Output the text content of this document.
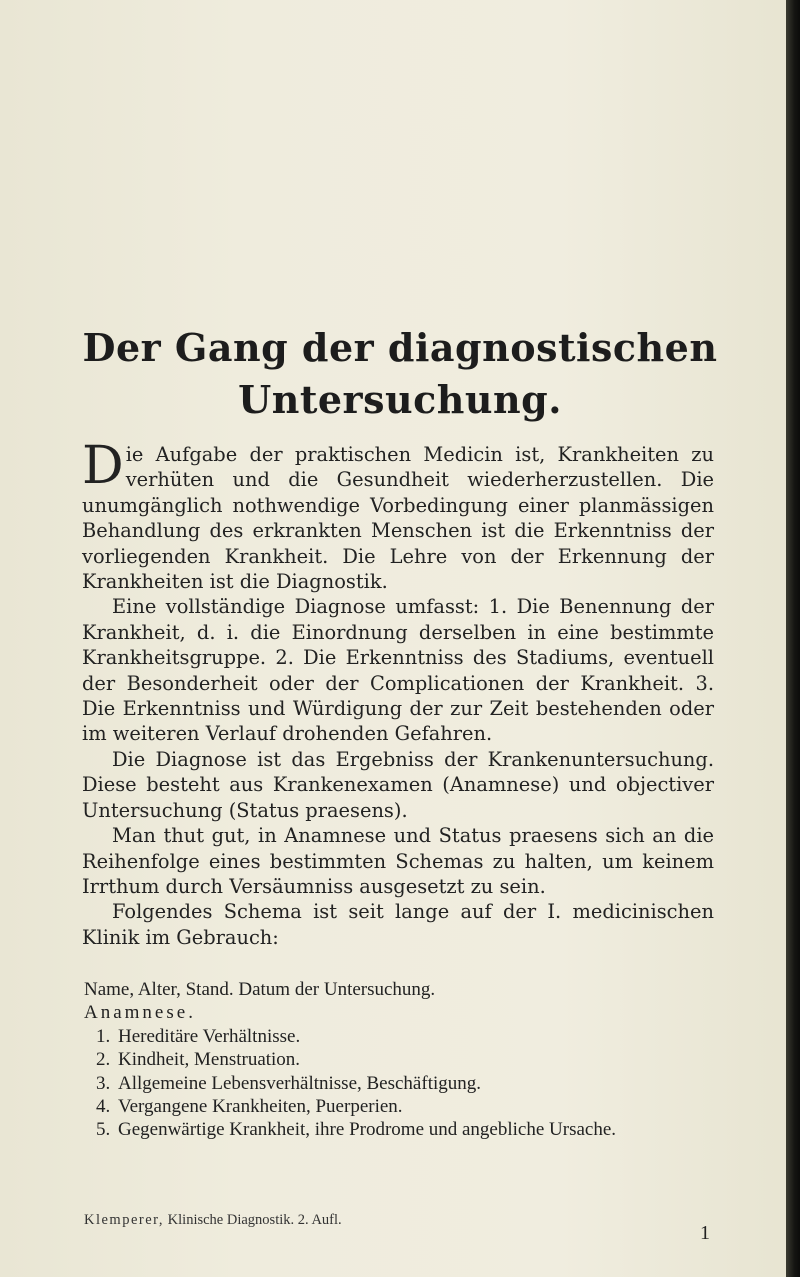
Der Gang der diagnostischen
Untersuchung.

Die Aufgabe der praktischen Medicin ist, Krankheiten zu verhüten und die Gesundheit wiederherzustellen. Die unumgänglich nothwendige Vorbedingung einer planmässigen Behandlung des erkrankten Menschen ist die Erkenntniss der vorliegenden Krankheit. Die Lehre von der Erkennung der Krankheiten ist die Diagnostik.

Eine vollständige Diagnose umfasst: 1. Die Benennung der Krankheit, d. i. die Einordnung derselben in eine bestimmte Krankheitsgruppe. 2. Die Erkenntniss des Stadiums, eventuell der Besonderheit oder der Complicationen der Krankheit. 3. Die Erkenntniss und Würdigung der zur Zeit bestehenden oder im weiteren Verlauf drohenden Gefahren.

Die Diagnose ist das Ergebniss der Krankenuntersuchung. Diese besteht aus Krankenexamen (Anamnese) und objectiver Untersuchung (Status praesens).

Man thut gut, in Anamnese und Status praesens sich an die Reihenfolge eines bestimmten Schemas zu halten, um keinem Irrthum durch Versäumniss ausgesetzt zu sein.

Folgendes Schema ist seit lange auf der I. medicinischen Klinik im Gebrauch:

Name, Alter, Stand. Datum der Untersuchung.

Anamnese.

1. Hereditäre Verhältnisse.
2. Kindheit, Menstruation.
3. Allgemeine Lebensverhältnisse, Beschäftigung.
4. Vergangene Krankheiten, Puerperien.
5. Gegenwärtige Krankheit, ihre Prodrome und angebliche Ursache.
Klemperer, Klinische Diagnostik. 2. Aufl.
1
